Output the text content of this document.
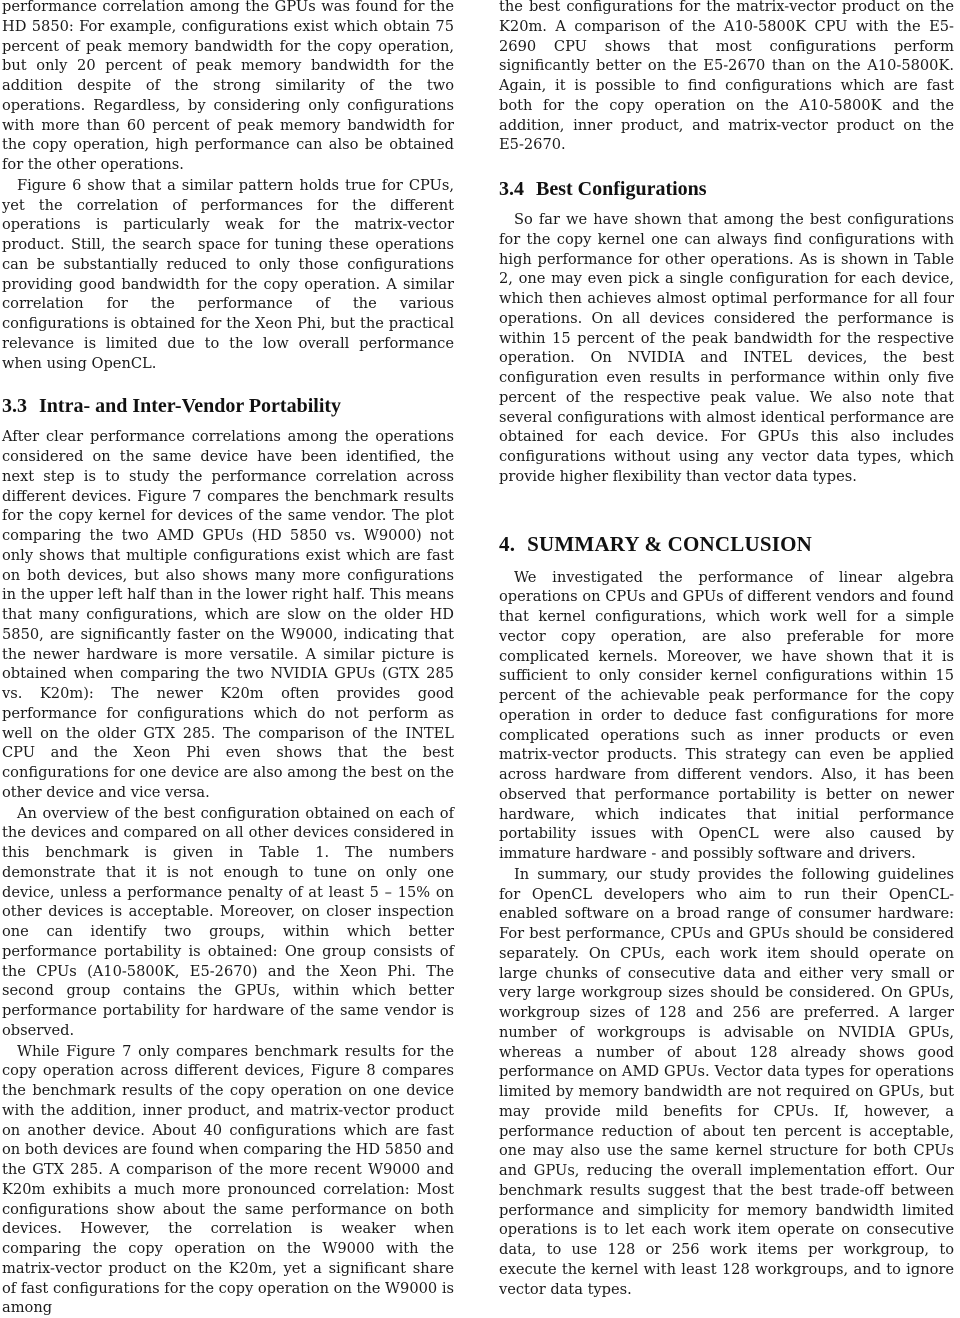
performance correlation among the GPUs was found for the HD 5850: For example, configurations exist which obtain 75 percent of peak memory bandwidth for the copy operation, but only 20 percent of peak memory bandwidth for the addition despite of the strong similarity of the two operations. Regardless, by considering only configurations with more than 60 percent of peak memory bandwidth for the copy operation, high performance can also be obtained for the other operations.

Figure 6 show that a similar pattern holds true for CPUs, yet the correlation of performances for the different operations is particularly weak for the matrix-vector product. Still, the search space for tuning these operations can be substantially reduced to only those configurations providing good bandwidth for the copy operation. A similar correlation for the performance of the various configurations is obtained for the Xeon Phi, but the practical relevance is limited due to the low overall performance when using OpenCL.

3.3 Intra- and Inter-Vendor Portability

After clear performance correlations among the operations considered on the same device have been identified, the next step is to study the performance correlation across different devices. Figure 7 compares the benchmark results for the copy kernel for devices of the same vendor. The plot comparing the two AMD GPUs (HD 5850 vs. W9000) not only shows that multiple configurations exist which are fast on both devices, but also shows many more configurations in the upper left half than in the lower right half. This means that many configurations, which are slow on the older HD 5850, are significantly faster on the W9000, indicating that the newer hardware is more versatile. A similar picture is obtained when comparing the two NVIDIA GPUs (GTX 285 vs. K20m): The newer K20m often provides good performance for configurations which do not perform as well on the older GTX 285. The comparison of the INTEL CPU and the Xeon Phi even shows that the best configurations for one device are also among the best on the other device and vice versa.

An overview of the best configuration obtained on each of the devices and compared on all other devices considered in this benchmark is given in Table 1. The numbers demonstrate that it is not enough to tune on only one device, unless a performance penalty of at least 5 – 15% on other devices is acceptable. Moreover, on closer inspection one can identify two groups, within which better performance portability is obtained: One group consists of the CPUs (A10-5800K, E5-2670) and the Xeon Phi. The second group contains the GPUs, within which better performance portability for hardware of the same vendor is observed.

While Figure 7 only compares benchmark results for the copy operation across different devices, Figure 8 compares the benchmark results of the copy operation on one device with the addition, inner product, and matrix-vector product on another device. About 40 configurations which are fast on both devices are found when comparing the HD 5850 and the GTX 285. A comparison of the more recent W9000 and K20m exhibits a much more pronounced correlation: Most configurations show about the same performance on both devices. However, the correlation is weaker when comparing the copy operation on the W9000 with the matrix-vector product on the K20m, yet a significant share of fast configurations for the copy operation on the W9000 is among

the best configurations for the matrix-vector product on the K20m. A comparison of the A10-5800K CPU with the E5-2690 CPU shows that most configurations perform significantly better on the E5-2670 than on the A10-5800K. Again, it is possible to find configurations which are fast both for the copy operation on the A10-5800K and the addition, inner product, and matrix-vector product on the E5-2670.

3.4 Best Configurations

So far we have shown that among the best configurations for the copy kernel one can always find configurations with high performance for other operations. As is shown in Table 2, one may even pick a single configuration for each device, which then achieves almost optimal performance for all four operations. On all devices considered the performance is within 15 percent of the peak bandwidth for the respective operation. On NVIDIA and INTEL devices, the best configuration even results in performance within only five percent of the respective peak value. We also note that several configurations with almost identical performance are obtained for each device. For GPUs this also includes configurations without using any vector data types, which provide higher flexibility than vector data types.

4. SUMMARY & CONCLUSION

We investigated the performance of linear algebra operations on CPUs and GPUs of different vendors and found that kernel configurations, which work well for a simple vector copy operation, are also preferable for more complicated kernels. Moreover, we have shown that it is sufficient to only consider kernel configurations within 15 percent of the achievable peak performance for the copy operation in order to deduce fast configurations for more complicated operations such as inner products or even matrix-vector products. This strategy can even be applied across hardware from different vendors. Also, it has been observed that performance portability is better on newer hardware, which indicates that initial performance portability issues with OpenCL were also caused by immature hardware - and possibly software and drivers.

In summary, our study provides the following guidelines for OpenCL developers who aim to run their OpenCL-enabled software on a broad range of consumer hardware: For best performance, CPUs and GPUs should be considered separately. On CPUs, each work item should operate on large chunks of consecutive data and either very small or very large workgroup sizes should be considered. On GPUs, workgroup sizes of 128 and 256 are preferred. A larger number of workgroups is advisable on NVIDIA GPUs, whereas a number of about 128 already shows good performance on AMD GPUs. Vector data types for operations limited by memory bandwidth are not required on GPUs, but may provide mild benefits for CPUs. If, however, a performance reduction of about ten percent is acceptable, one may also use the same kernel structure for both CPUs and GPUs, reducing the overall implementation effort. Our benchmark results suggest that the best trade-off between performance and simplicity for memory bandwidth limited operations is to let each work item operate on consecutive data, to use 128 or 256 work items per workgroup, to execute the kernel with least 128 workgroups, and to ignore vector data types.
